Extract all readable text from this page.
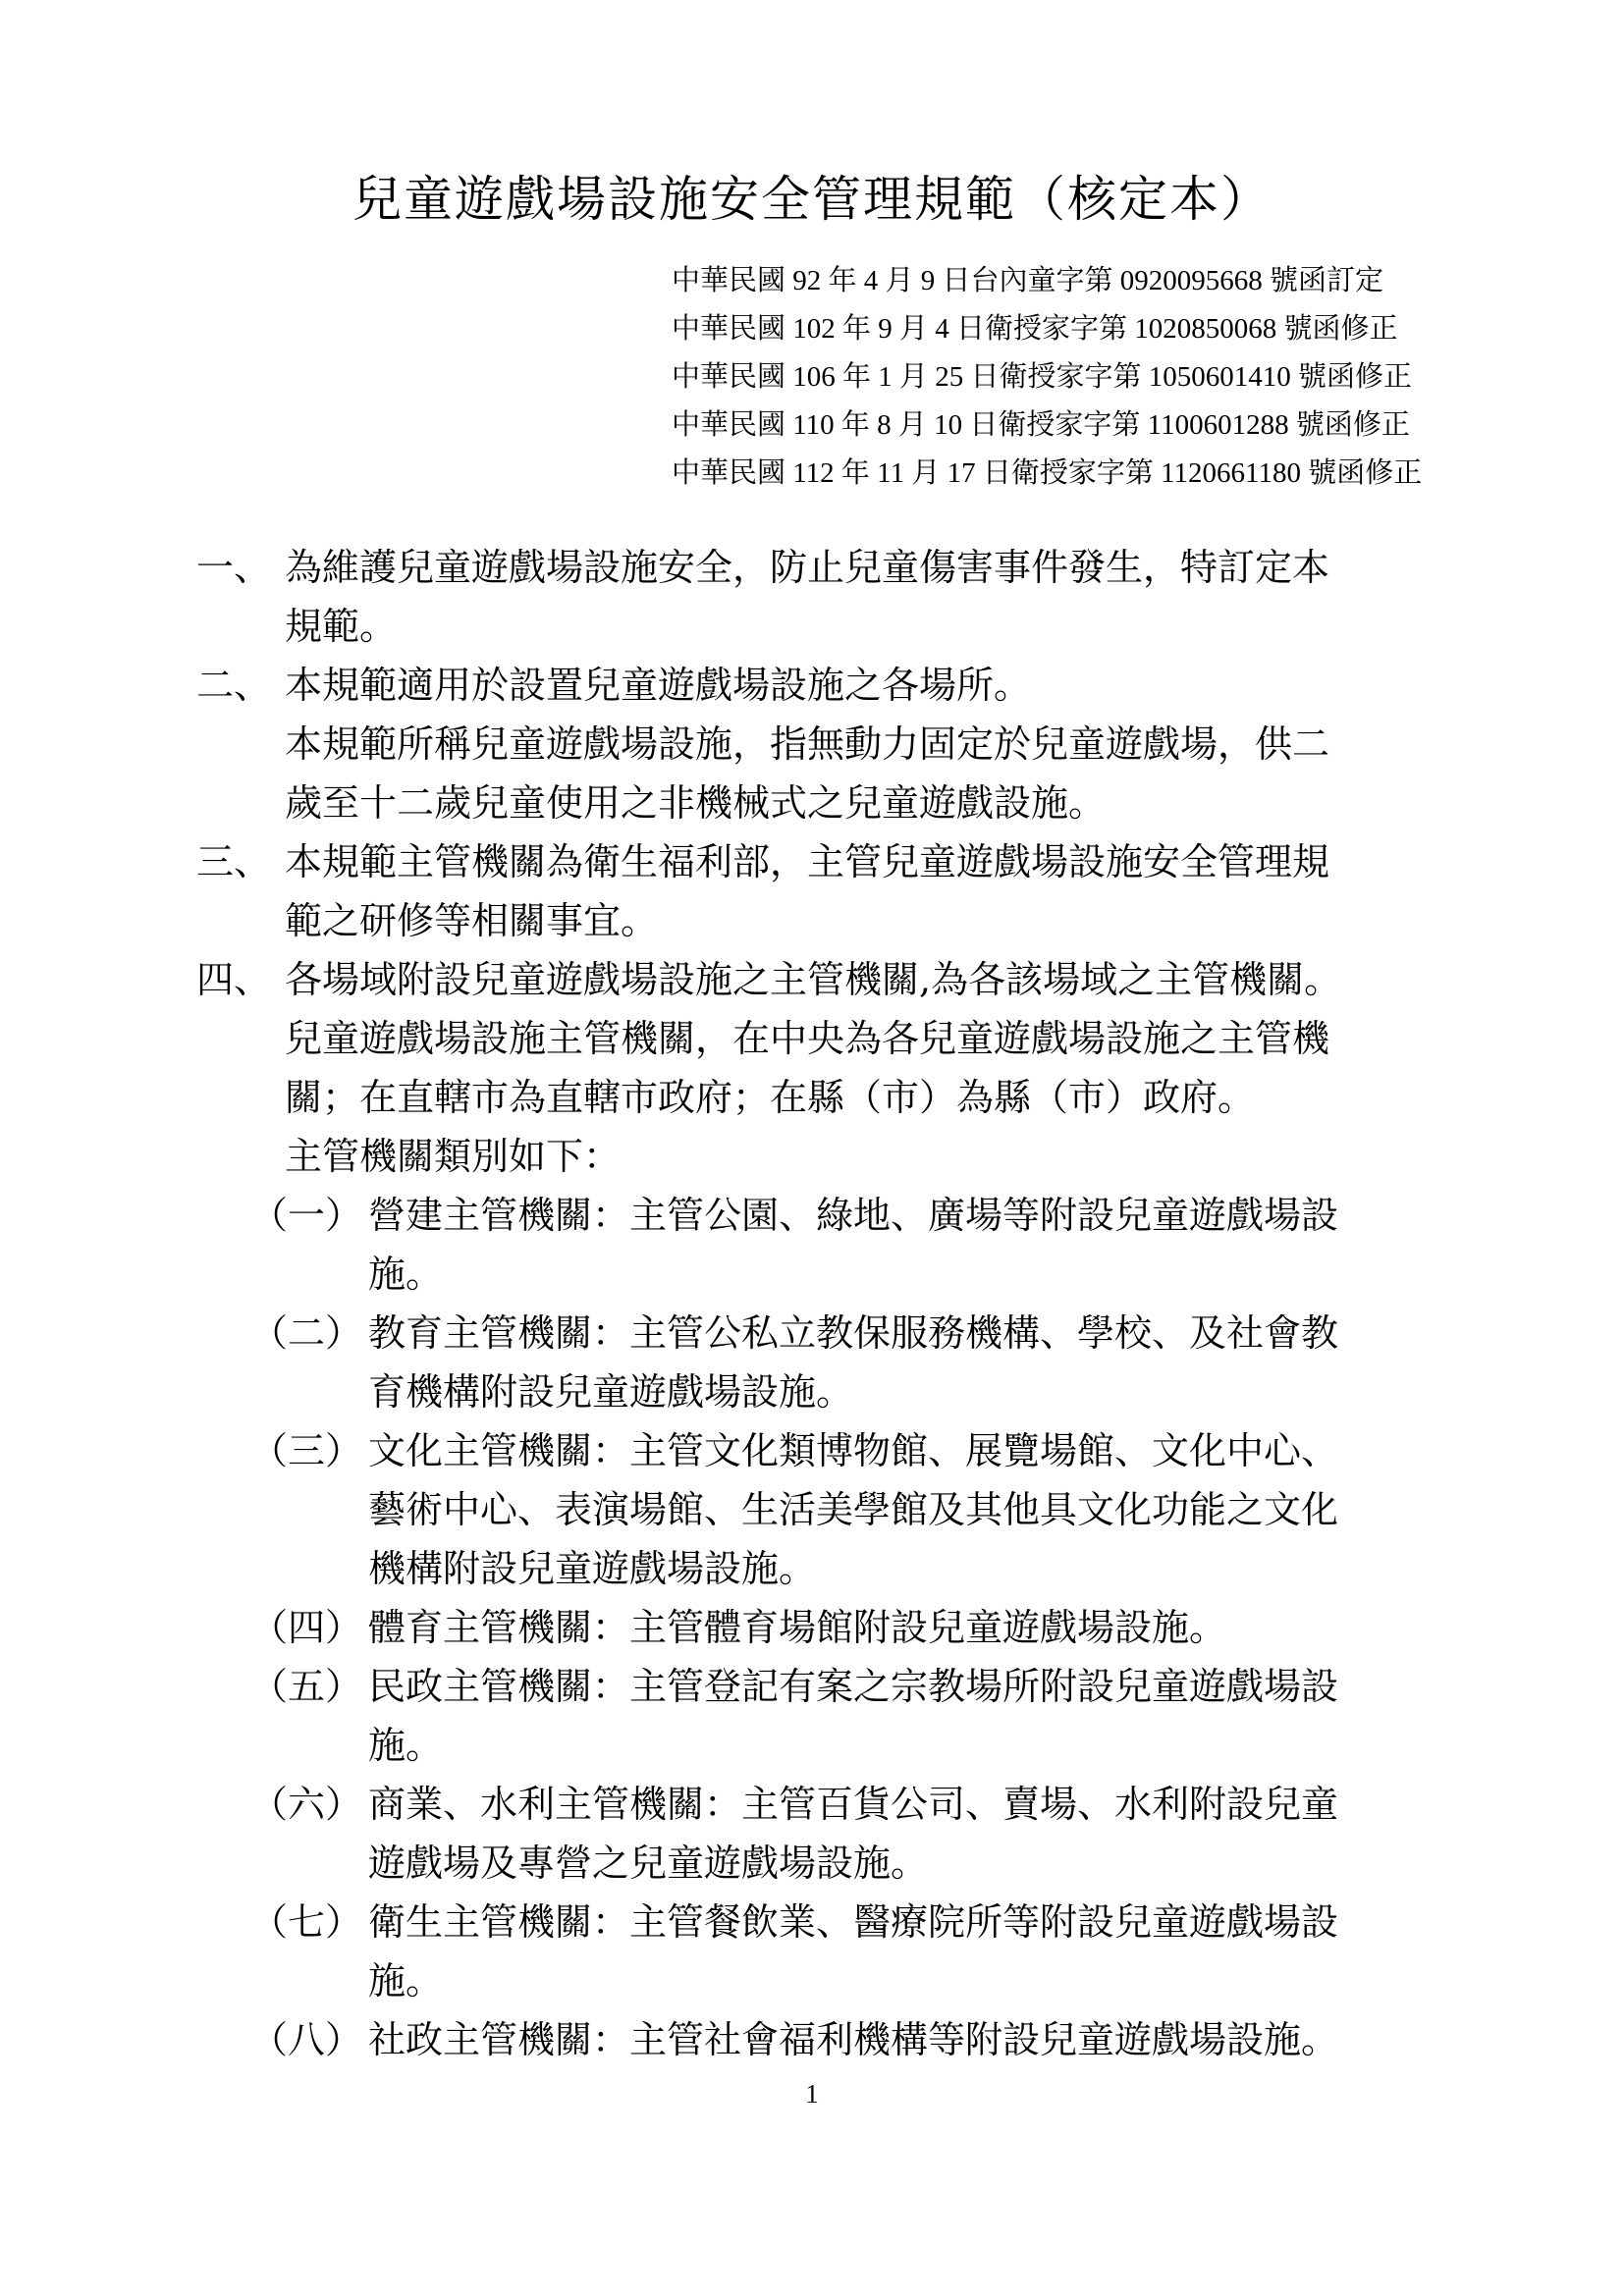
兒童遊戲場設施安全管理規範（核定本）
中華民國 92 年 4 月 9 日台內童字第 0920095668 號函訂定
中華民國 102 年 9 月 4 日衛授家字第 1020850068 號函修正
中華民國 106 年 1 月 25 日衛授家字第 1050601410 號函修正
中華民國 110 年 8 月 10 日衛授家字第 1100601288 號函修正
中華民國 112 年 11 月 17 日衛授家字第 1120661180 號函修正
一、 為維護兒童遊戲場設施安全，防止兒童傷害事件發生，特訂定本
規範。
二、 本規範適用於設置兒童遊戲場設施之各場所。
本規範所稱兒童遊戲場設施，指無動力固定於兒童遊戲場，供二
歲至十二歲兒童使用之非機械式之兒童遊戲設施。
三、 本規範主管機關為衛生福利部，主管兒童遊戲場設施安全管理規
範之研修等相關事宜。
四、 各場域附設兒童遊戲場設施之主管機關,為各該場域之主管機關。
兒童遊戲場設施主管機關，在中央為各兒童遊戲場設施之主管機
關；在直轄市為直轄市政府；在縣（市）為縣（市）政府。
主管機關類別如下：
（一） 營建主管機關：主管公園、綠地、廣場等附設兒童遊戲場設
施。
（二） 教育主管機關：主管公私立教保服務機構、學校、及社會教
育機構附設兒童遊戲場設施。
（三） 文化主管機關：主管文化類博物館、展覽場館、文化中心、
藝術中心、表演場館、生活美學館及其他具文化功能之文化
機構附設兒童遊戲場設施。
（四） 體育主管機關：主管體育場館附設兒童遊戲場設施。
（五） 民政主管機關：主管登記有案之宗教場所附設兒童遊戲場設
施。
（六） 商業、水利主管機關：主管百貨公司、賣場、水利附設兒童
遊戲場及專營之兒童遊戲場設施。
（七） 衛生主管機關：主管餐飲業、醫療院所等附設兒童遊戲場設
施。
（八） 社政主管機關：主管社會福利機構等附設兒童遊戲場設施。
1
